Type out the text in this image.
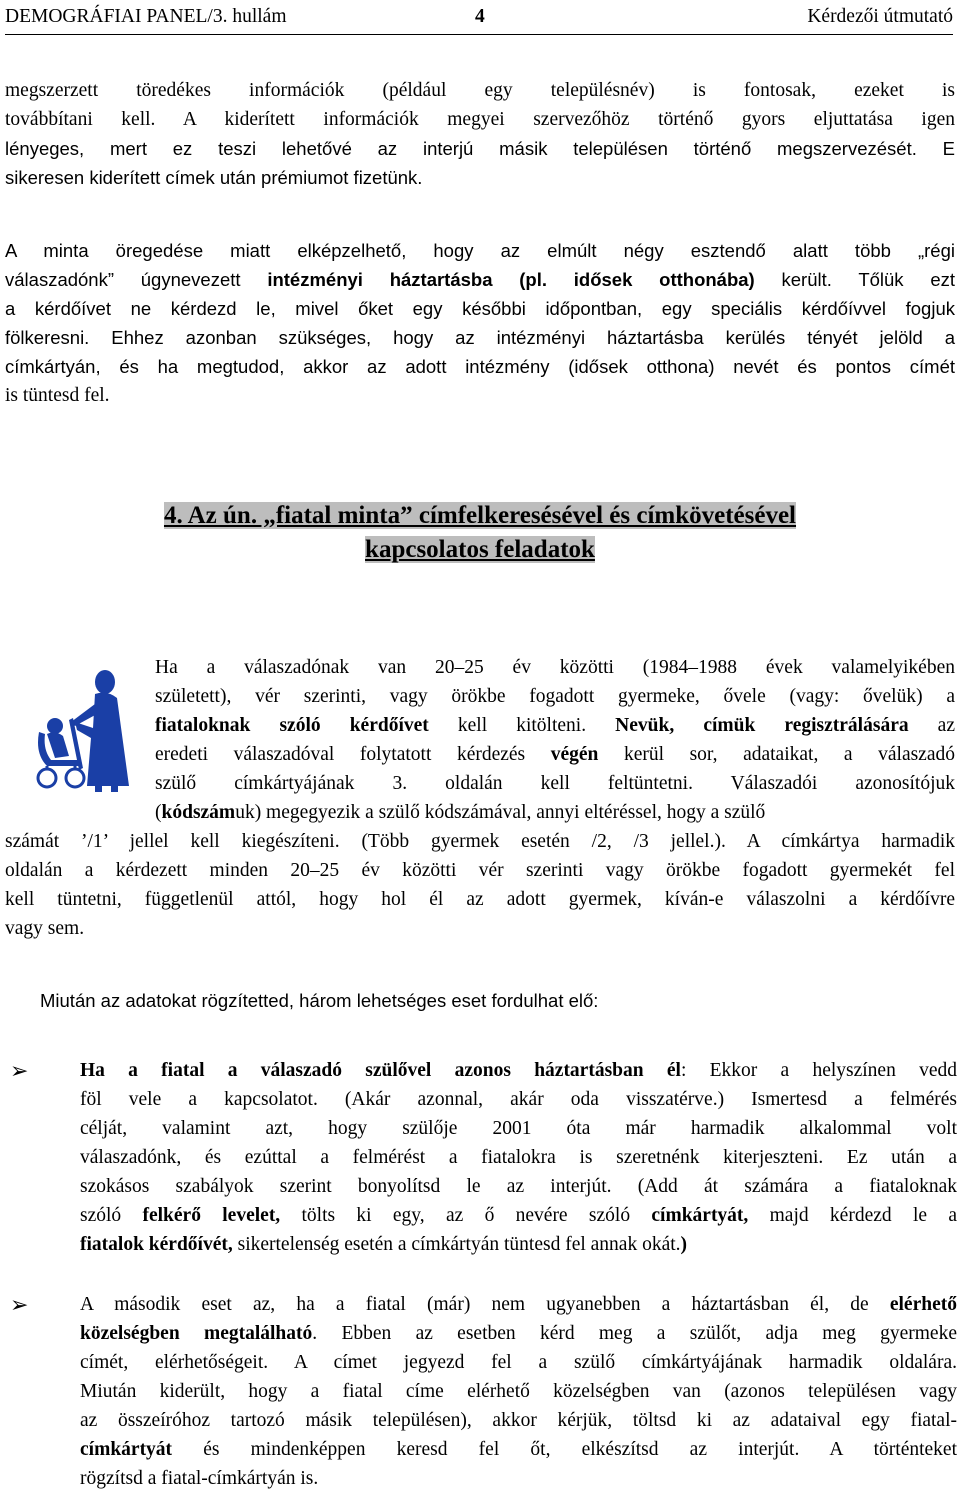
DEMOGRÁFIAI PANEL/3. hullám	4	Kérdezői útmutató
megszerzett töredékes információk (például egy településnév) is fontosak, ezeket is
továbbítani kell. A kiderített információk megyei szervezőhöz történő gyors eljuttatása igen
lényeges, mert ez teszi lehetővé az interjú másik településen történő megszervezését. E
sikeresen kiderített címek után prémiumot fizetünk.
A minta öregedése miatt elképzelhető, hogy az elmúlt négy esztendő alatt több „régi
válaszadónk” úgynevezett intézményi háztartásba (pl. idősek otthonába) került. Tőlük ezt
a kérdőívet ne kérdezd le, mivel őket egy későbbi időpontban, egy speciális kérdőívvel fogjuk
fölkeresni. Ehhez azonban szükséges, hogy az intézményi háztartásba kerülés tényét jelöld a
címkártyán, és ha megtudod, akkor az adott intézmény (idősek otthona) nevét és pontos címét
is tüntesd fel.
4. Az ún. „fiatal minta” címfelkeresésével és címkövetésével
kapcsolatos feladatok
Ha a válaszadónak van 20–25 év közötti (1984–1988 évek valamelyikében
született), vér szerinti, vagy örökbe fogadott gyermeke, ővele (vagy: ővelük) a
fiataloknak szóló kérdőívet kell kitölteni. Nevük, címük regisztrálására az
eredeti válaszadóval folytatott kérdezés végén kerül sor, adataikat, a válaszadó
szülő címkártyájának 3. oldalán kell feltüntetni. Válaszadói azonosítójuk
(kódszámuk) megegyezik a szülő kódszámával, annyi eltéréssel, hogy a szülő
számát ’/1’ jellel kell kiegészíteni. (Több gyermek esetén /2, /3 jellel.). A címkártya harmadik
oldalán a kérdezett minden 20–25 év közötti vér szerinti vagy örökbe fogadott gyermekét fel
kell tüntetni, függetlenül attól, hogy hol él az adott gyermek, kíván-e válaszolni a kérdőívre
vagy sem.
Miután az adatokat rögzítetted, három lehetséges eset fordulhat elő:
➢	Ha a fiatal a válaszadó szülővel azonos háztartásban él: Ekkor a helyszínen vedd
föl vele a kapcsolatot. (Akár azonnal, akár oda visszatérve.) Ismertesd a felmérés
célját, valamint azt, hogy szülője 2001 óta már harmadik alkalommal volt
válaszadónk, és ezúttal a felmérést a fiatalokra is szeretnénk kiterjeszteni. Ez után a
szokásos szabályok szerint bonyolítsd le az interjút. (Add át számára a fiataloknak
szóló felkérő levelet, tölts ki egy, az ő nevére szóló címkártyát, majd kérdezd le a
fiatalok kérdőívét, sikertelenség esetén a címkártyán tüntesd fel annak okát.)
➢	A második eset az, ha a fiatal (már) nem ugyanebben a háztartásban él, de elérhető
közelségben megtalálható. Ebben az esetben kérd meg a szülőt, adja meg gyermeke
címét, elérhetőségeit. A címet jegyezd fel a szülő címkártyájának harmadik oldalára.
Miután kiderült, hogy a fiatal címe elérhető közelségben van (azonos településen vagy
az összeíróhoz tartozó másik településen), akkor kérjük, töltsd ki az adataival egy fiatal-
címkártyát és mindenképpen keresd fel őt, elkészítsd az interjút. A történteket
rögzítsd a fiatal-címkártyán is.
